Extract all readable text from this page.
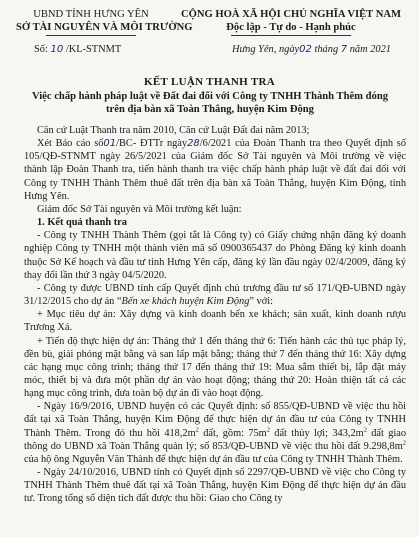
UBND TỈNH HƯNG YÊN
SỞ TÀI NGUYÊN VÀ MÔI TRƯỜNG
CỘNG HOÀ XÃ HỘI CHỦ NGHĨA VIỆT NAM
Độc lập - Tự do - Hạnh phúc
Số: 10 /KL-STNMT	Hưng Yên, ngày02 tháng 7 năm 2021
KẾT LUẬN THANH TRA
Việc chấp hành pháp luật về Đất đai đối với Công ty TNHH Thành Thêm đóng trên địa bàn xã Toàn Thắng, huyện Kim Động

Căn cứ Luật Thanh tra năm 2010, Căn cứ Luật Đất đai năm 2013;

Xét Báo cáo số01/BC- ĐTTr ngày28/6/2021 của Đoàn Thanh tra theo Quyết định số 105/QĐ-STNMT ngày 26/5/2021 của Giám đốc Sở Tài nguyên và Môi trường về việc thành lập Đoàn Thanh tra, tiến hành thanh tra việc chấp hành pháp luật về đất đai đối với Công ty TNHH Thành Thêm thuê đất trên địa bàn xã Toàn Thắng, huyện Kim Động, tỉnh Hưng Yên.

Giám đốc Sở Tài nguyên và Môi trường kết luận:

1. Kết quả thanh tra

- Công ty TNHH Thành Thêm (gọi tắt là Công ty) có Giấy chứng nhận đăng ký doanh nghiệp Công ty TNHH một thành viên mã số 0900365437 do Phòng Đăng ký kinh doanh thuộc Sở Kế hoạch và đầu tư tỉnh Hưng Yên cấp, đăng ký lần đầu ngày 02/4/2009, đăng ký thay đổi lần thứ 3 ngày 04/5/2020.

- Công ty được UBND tỉnh cấp Quyết định chủ trương đầu tư số 171/QĐ-UBND ngày 31/12/2015 cho dự án “Bến xe khách huyện Kim Động” với:

+ Mục tiêu dự án: Xây dựng và kinh doanh bến xe khách; sản xuất, kinh doanh rượu Trương Xá.

+ Tiến độ thực hiện dự án: Tháng thứ 1 đến tháng thứ 6: Tiến hành các thủ tục pháp lý, đền bù, giải phóng mặt bằng và san lấp mặt bằng; tháng thứ 7 đến tháng thứ 16: Xây dựng các hạng mục công trình; tháng thứ 17 đến tháng thứ 19: Mua sắm thiết bị, lắp đặt máy móc, thiết bị và đưa một phần dự án vào hoạt động; tháng thứ 20: Hoàn thiện tất cả các hạng mục công trình, đưa toàn bộ dự án đi vào hoạt động.

- Ngày 16/9/2016, UBND huyện có các Quyết định: số 855/QĐ-UBND về việc thu hồi đất tại xã Toàn Thắng, huyện Kim Động để thực hiện dự án đầu tư của Công ty TNHH Thành Thêm. Trong đó thu hồi $418,2m^2$ đất, gồm: $75m^2$ đất thủy lợi; $343,2m^2$ đất giao thông do UBND xã Toàn Thắng quản lý; số 853/QĐ-UBND về việc thu hồi đất $9.298,8m^2$ của hộ ông Nguyễn Văn Thành để thực hiện dự án đầu tư của Công ty TNHH Thành Thêm.

- Ngày 24/10/2016, UBND tỉnh có Quyết định số 2297/QĐ-UBND về việc cho Công ty TNHH Thành Thêm thuê đất tại xã Toàn Thắng, huyện Kim Động để thực hiện dự án đầu tư. Trong tổng số diện tích đất được thu hồi: Giao cho Công ty
